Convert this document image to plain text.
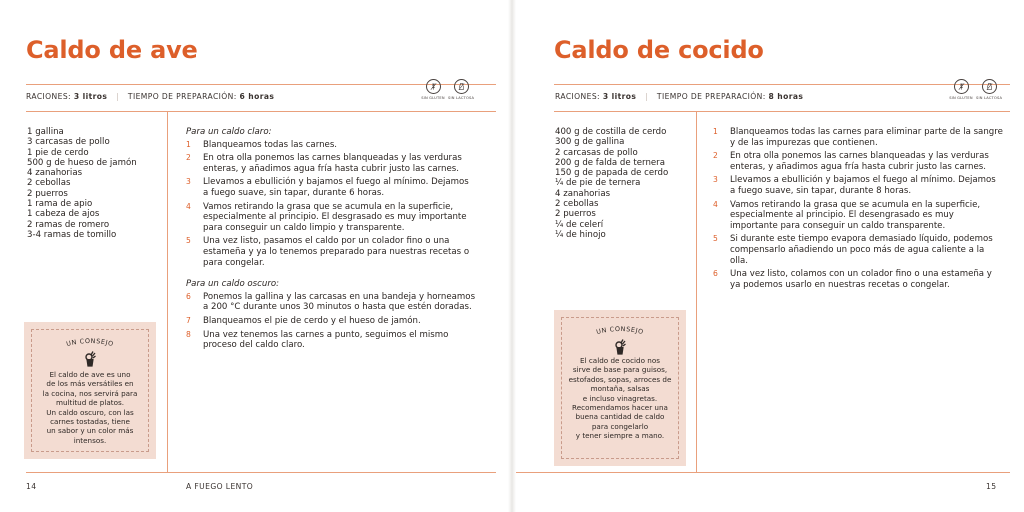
Caldo de ave
RACIONES: 3 litros | TIEMPO DE PREPARACIÓN: 6 horas	SIN GLUTEN SIN LACTOSA
1 gallina
3 carcasas de pollo
1 pie de cerdo
500 g de hueso de jamón
4 zanahorias
2 cebollas
2 puerros
1 rama de apio
1 cabeza de ajos
2 ramas de romero
3-4 ramas de tomillo
Para un caldo claro:
1 Blanqueamos todas las carnes.
2 En otra olla ponemos las carnes blanqueadas y las verduras enteras, y añadimos agua fría hasta cubrir justo las carnes.
3 Llevamos a ebullición y bajamos el fuego al mínimo. Dejamos a fuego suave, sin tapar, durante 6 horas.
4 Vamos retirando la grasa que se acumula en la superficie, especialmente al principio. El desgrasado es muy importante para conseguir un caldo limpio y transparente.
5 Una vez listo, pasamos el caldo por un colador fino o una estameña y ya lo tenemos preparado para nuestras recetas o para congelar.
Para un caldo oscuro:
6 Ponemos la gallina y las carcasas en una bandeja y horneamos a 200 °C durante unos 30 minutos o hasta que estén doradas.
7 Blanqueamos el pie de cerdo y el hueso de jamón.
8 Una vez tenemos las carnes a punto, seguimos el mismo proceso del caldo claro.
UN CONSEJO
El caldo de ave es uno
de los más versátiles en
la cocina, nos servirá para
multitud de platos.
Un caldo oscuro, con las
carnes tostadas, tiene
un sabor y un color más
intensos.
14	A FUEGO LENTO
Caldo de cocido
RACIONES: 3 litros | TIEMPO DE PREPARACIÓN: 8 horas	SIN GLUTEN SIN LACTOSA
400 g de costilla de cerdo
300 g de gallina
2 carcasas de pollo
200 g de falda de ternera
150 g de papada de cerdo
¼ de pie de ternera
4 zanahorias
2 cebollas
2 puerros
¼ de celerí
¼ de hinojo
1 Blanqueamos todas las carnes para eliminar parte de la sangre y de las impurezas que contienen.
2 En otra olla ponemos las carnes blanqueadas y las verduras enteras, y añadimos agua fría hasta cubrir justo las carnes.
3 Llevamos a ebullición y bajamos el fuego al mínimo. Dejamos a fuego suave, sin tapar, durante 8 horas.
4 Vamos retirando la grasa que se acumula en la superficie, especialmente al principio. El desengrasado es muy importante para conseguir un caldo transparente.
5 Si durante este tiempo evapora demasiado líquido, podemos compensarlo añadiendo un poco más de agua caliente a la olla.
6 Una vez listo, colamos con un colador fino o una estameña y ya podemos usarlo en nuestras recetas o congelar.
UN CONSEJO
El caldo de cocido nos
sirve de base para guisos,
estofados, sopas, arroces de
montaña, salsas
e incluso vinagretas.
Recomendamos hacer una
buena cantidad de caldo
para congelarlo
y tener siempre a mano.
15
